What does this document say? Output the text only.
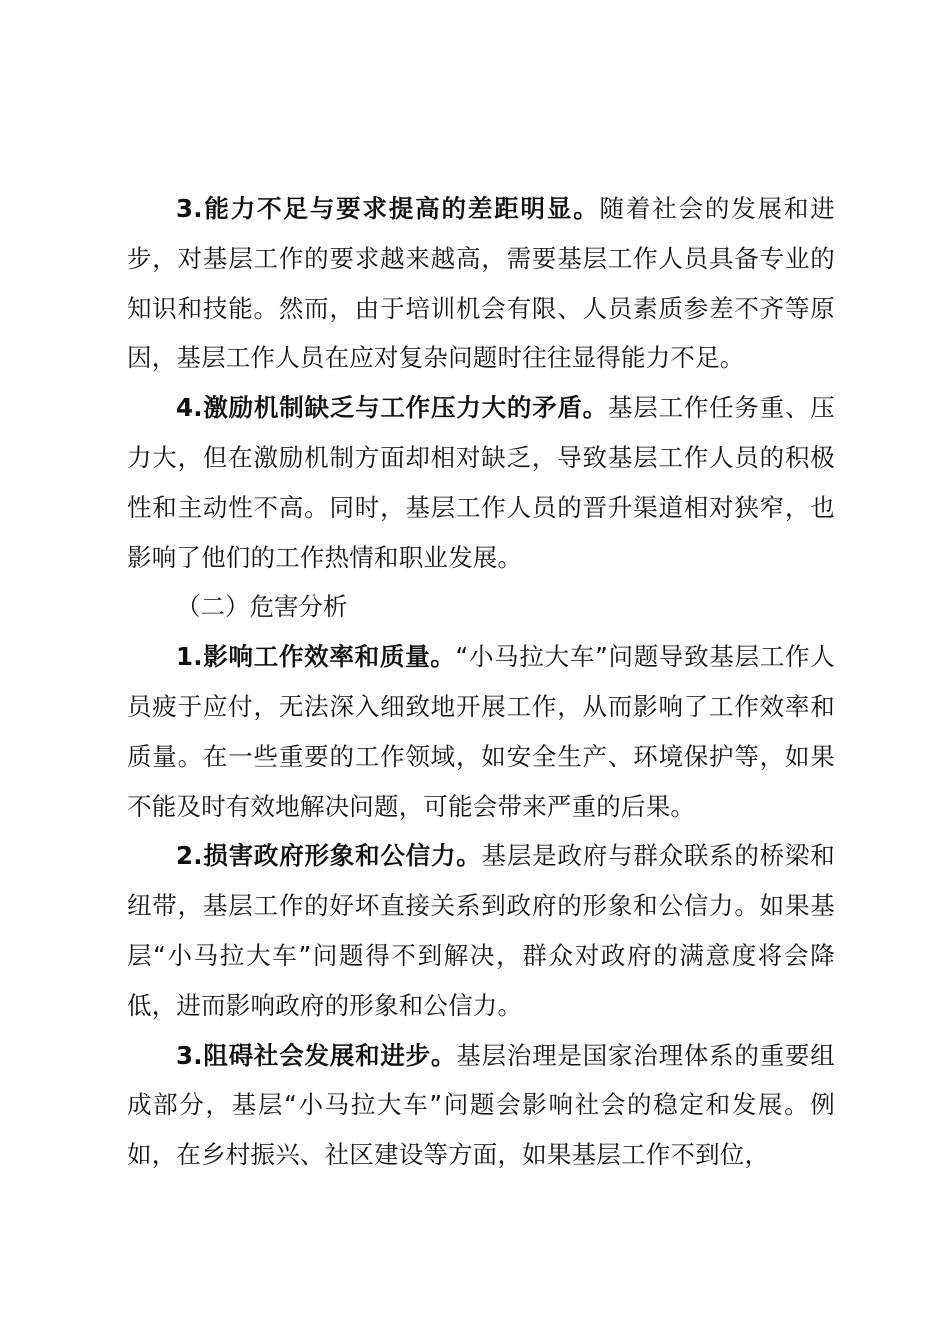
3.能力不足与要求提高的差距明显。随着社会的发展和进步，对基层工作的要求越来越高，需要基层工作人员具备专业的知识和技能。然而，由于培训机会有限、人员素质参差不齐等原因，基层工作人员在应对复杂问题时往往显得能力不足。

4.激励机制缺乏与工作压力大的矛盾。基层工作任务重、压力大，但在激励机制方面却相对缺乏，导致基层工作人员的积极性和主动性不高。同时，基层工作人员的晋升渠道相对狭窄，也影响了他们的工作热情和职业发展。

（二）危害分析

1.影响工作效率和质量。“小马拉大车”问题导致基层工作人员疲于应付，无法深入细致地开展工作，从而影响了工作效率和质量。在一些重要的工作领域，如安全生产、环境保护等，如果不能及时有效地解决问题，可能会带来严重的后果。

2.损害政府形象和公信力。基层是政府与群众联系的桥梁和纽带，基层工作的好坏直接关系到政府的形象和公信力。如果基层“小马拉大车”问题得不到解决，群众对政府的满意度将会降低，进而影响政府的形象和公信力。

3.阻碍社会发展和进步。基层治理是国家治理体系的重要组成部分，基层“小马拉大车”问题会影响社会的稳定和发展。例如，在乡村振兴、社区建设等方面，如果基层工作不到位，
